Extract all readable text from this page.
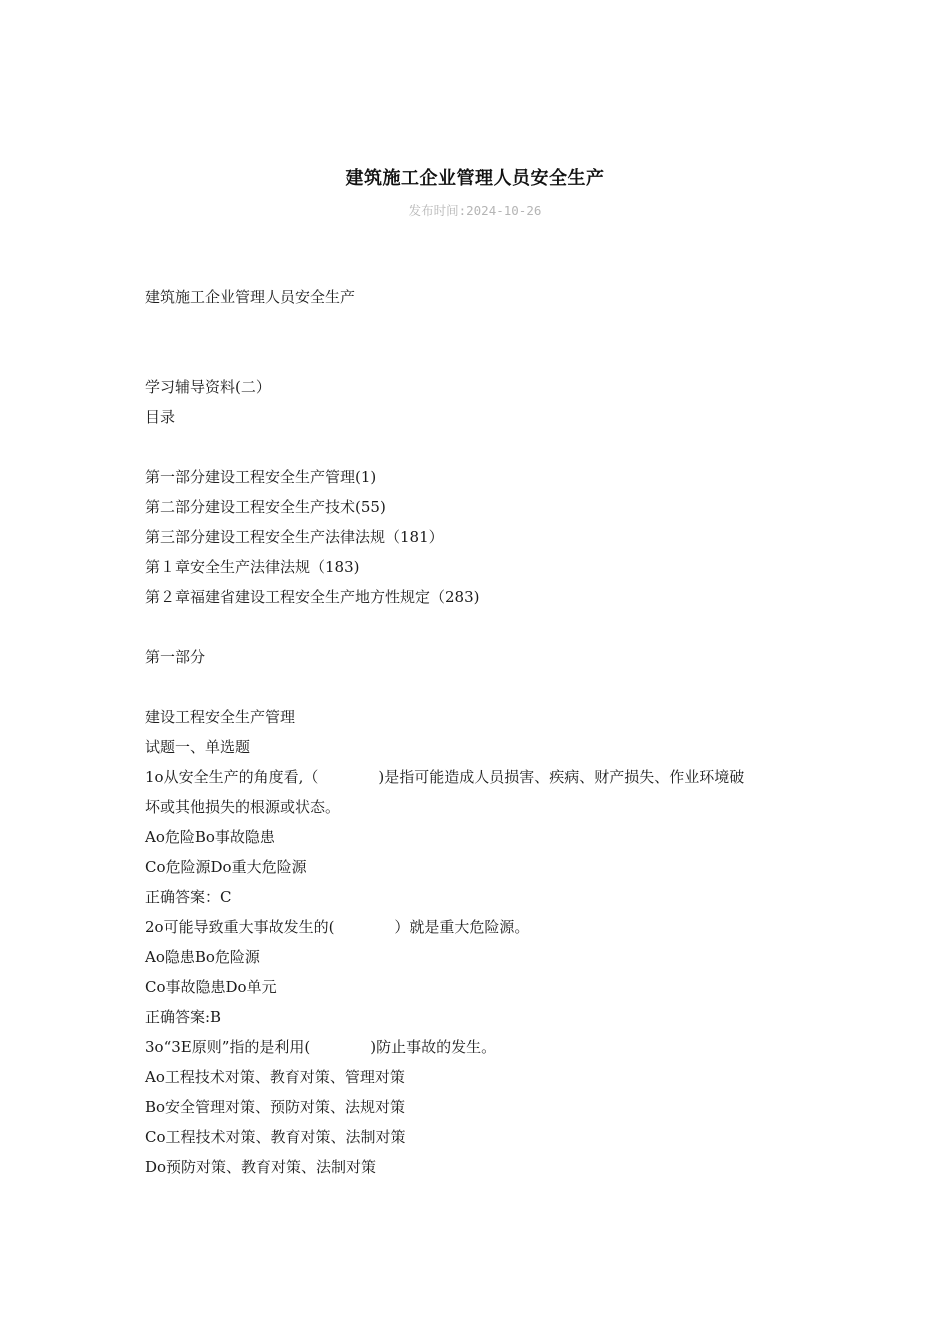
建筑施工企业管理人员安全生产
发布时间:2024-10-26
建筑施工企业管理人员安全生产
学习辅导资料(二）
目录
第一部分建设工程安全生产管理(1)
第二部分建设工程安全生产技术(55)
第三部分建设工程安全生产法律法规（181）
第１章安全生产法律法规（183)
第２章福建省建设工程安全生产地方性规定（283)
第一部分
建设工程安全生产管理
试题一、单选题
1o从安全生产的角度看,（　　　　)是指可能造成人员损害、疾病、财产损失、作业环境破
坏或其他损失的根源或状态。
Ao危险Bo事故隐患
Co危险源Do重大危险源
正确答案：C
2o可能导致重大事故发生的(　　　　）就是重大危险源。
Ao隐患Bo危险源
Co事故隐患Do单元
正确答案:B
3o“3E原则”指的是利用(　　　　)防止事故的发生。
Ao工程技术对策、教育对策、管理对策
Bo安全管理对策、预防对策、法规对策
Co工程技术对策、教育对策、法制对策
Do预防对策、教育对策、法制对策
